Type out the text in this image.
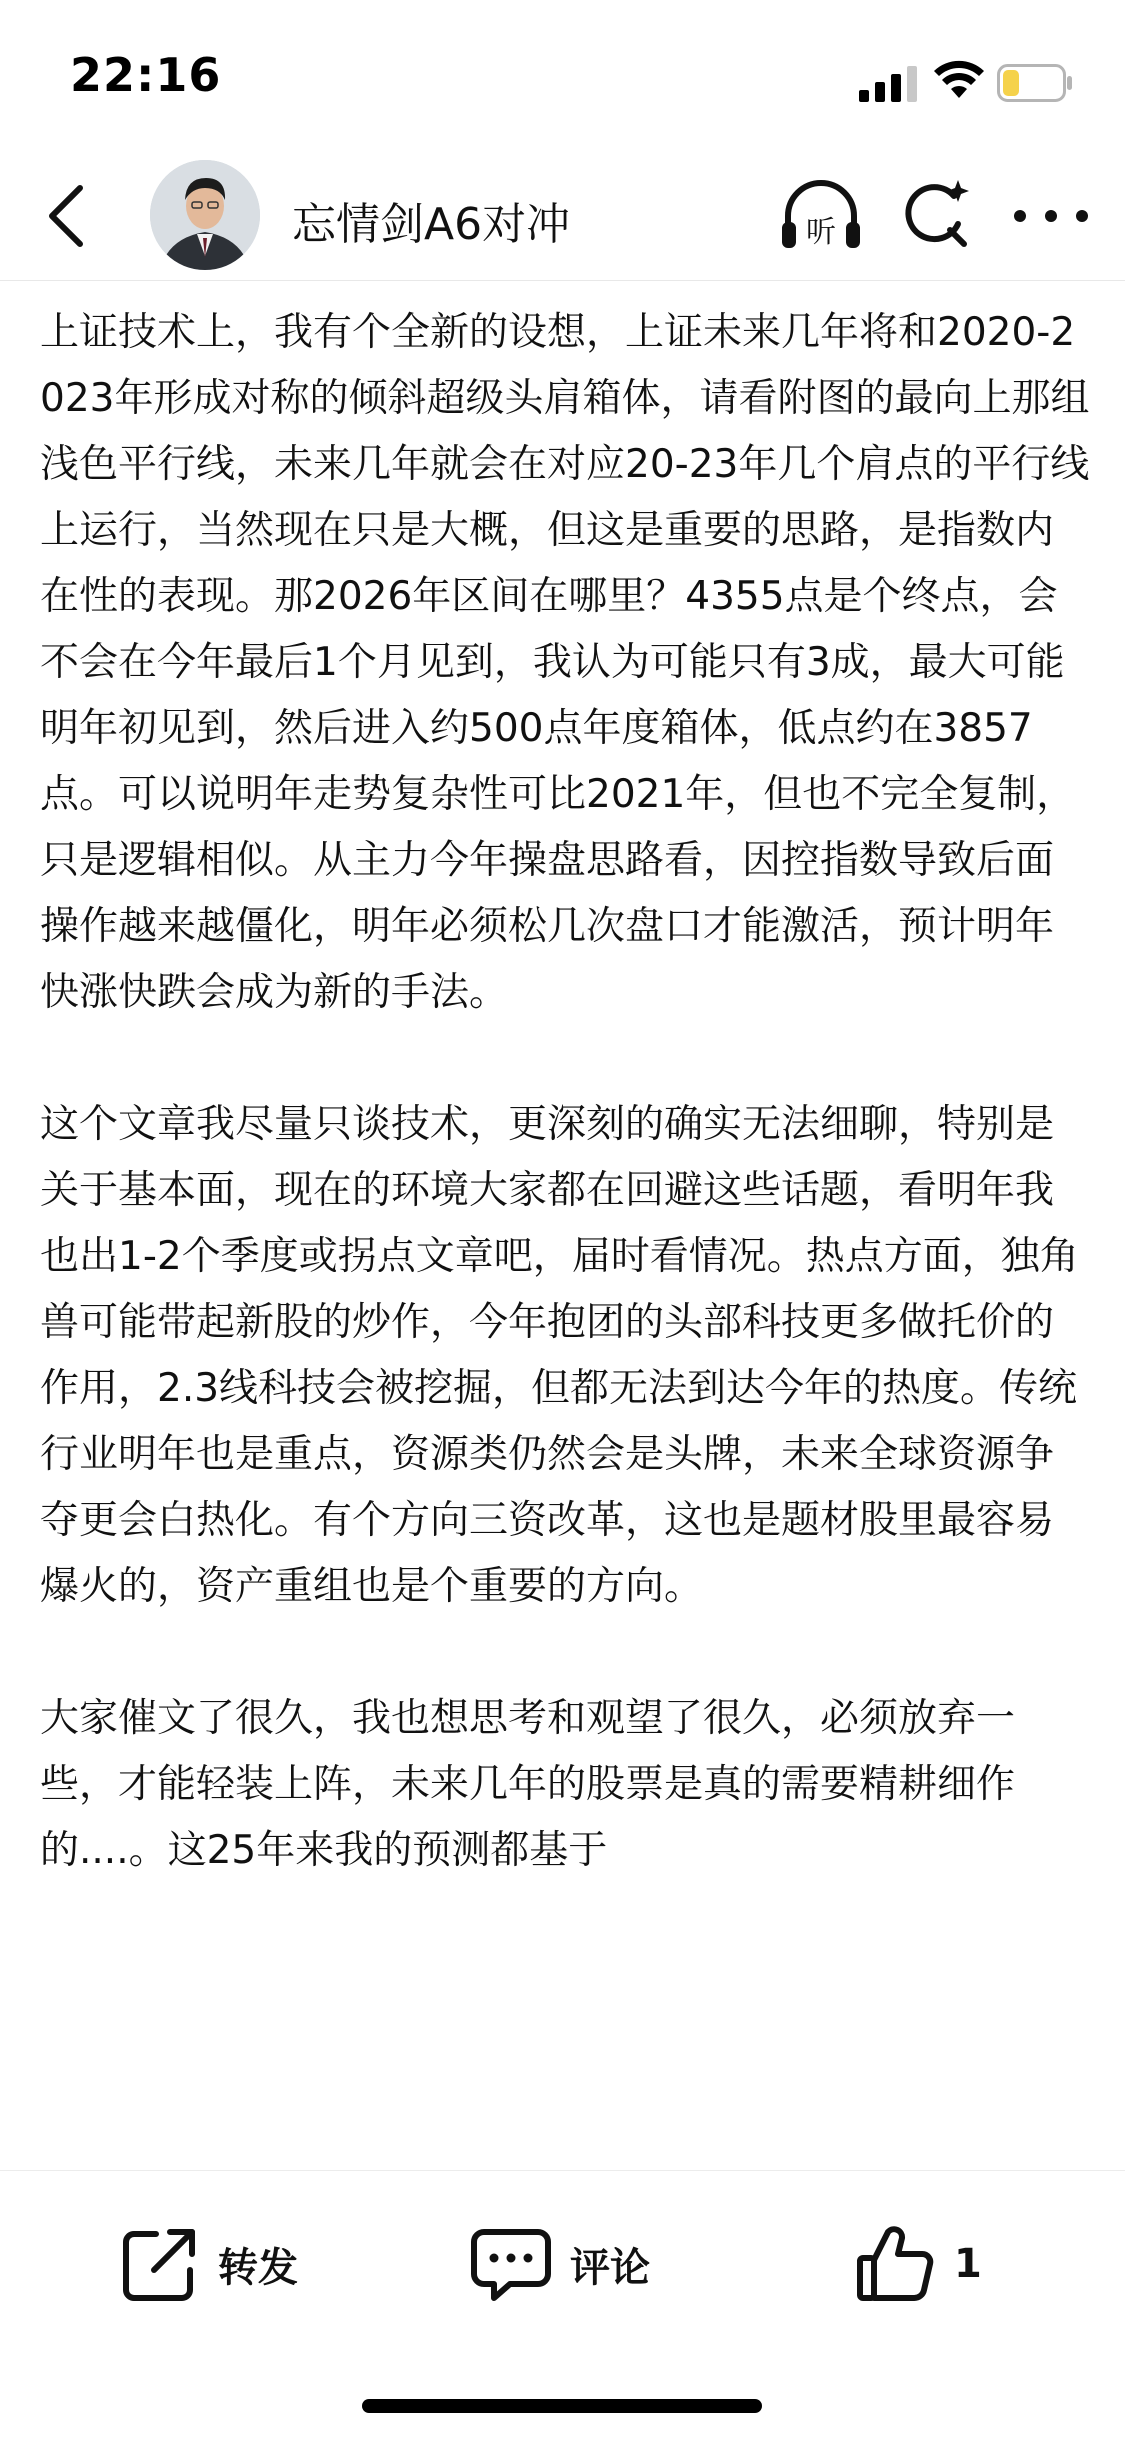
22:16
忘情剑A6对冲	听

上证技术上，我有个全新的设想，上证未来几年将和2020-2023年形成对称的倾斜超级头肩箱体，请看附图的最向上那组浅色平行线，未来几年就会在对应20-23年几个肩点的平行线上运行，当然现在只是大概，但这是重要的思路，是指数内在性的表现。那2026年区间在哪里？4355点是个终点，会不会在今年最后1个月见到，我认为可能只有3成，最大可能明年初见到，然后进入约500点年度箱体，低点约在3857点。可以说明年走势复杂性可比2021年，但也不完全复制，只是逻辑相似。从主力今年操盘思路看，因控指数导致后面操作越来越僵化，明年必须松几次盘口才能激活，预计明年快涨快跌会成为新的手法。

这个文章我尽量只谈技术，更深刻的确实无法细聊，特别是关于基本面，现在的环境大家都在回避这些话题，看明年我也出1-2个季度或拐点文章吧，届时看情况。热点方面，独角兽可能带起新股的炒作，今年抱团的头部科技更多做托价的作用，2.3线科技会被挖掘，但都无法到达今年的热度。传统行业明年也是重点，资源类仍然会是头牌，未来全球资源争夺更会白热化。有个方向三资改革，这也是题材股里最容易爆火的，资产重组也是个重要的方向。

大家催文了很久，我也想思考和观望了很久，必须放弃一些，才能轻装上阵，未来几年的股票是真的需要精耕细作的....。这25年来我的预测都基于

转发	评论	1
